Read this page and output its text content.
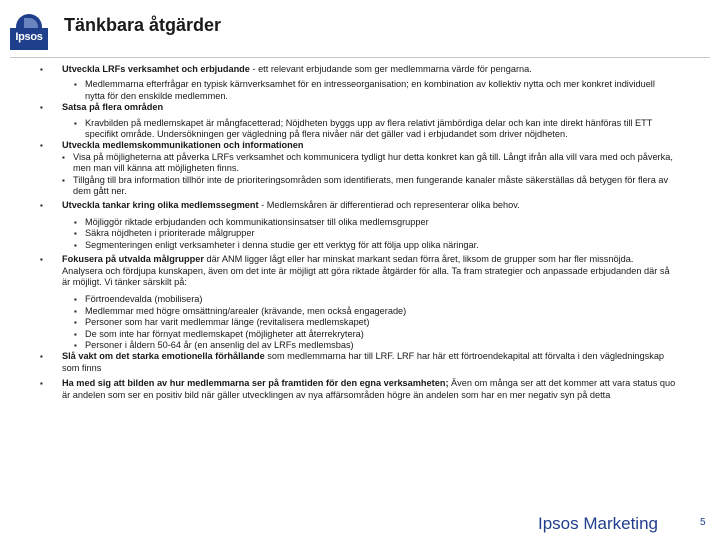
Ipsos
Tänkbara åtgärder
▪ Utveckla LRFs verksamhet och erbjudande - ett relevant erbjudande som ger medlemmarna värde för pengarna.
▪ Medlemmarna efterfrågar en typisk kärnverksamhet för en intresseorganisation; en kombination av kollektiv nytta och mer konkret individuell nytta för den enskilde medlemmen.
▪ Satsa på flera områden
▪ Kravbilden på medlemskapet är mångfacetterad; Nöjdheten byggs upp av flera relativt jämbördiga delar och kan inte direkt hänföras till ETT specifikt område. Undersökningen ger vägledning på flera nivåer när det gäller vad i erbjudandet som driver nöjdheten.
▪ Utveckla medlemskommunikationen och informationen
▪ Visa på möjligheterna att påverka LRFs verksamhet och kommunicera tydligt hur detta konkret kan gå till. Långt ifrån alla vill vara med och påverka, men man vill känna att möjligheten finns.
▪ Tillgång till bra information tillhör inte de prioriteringsområden som identifierats, men fungerande kanaler måste säkerställas då betygen för flera av dem gått ner.
▪ Utveckla tankar kring olika medlemssegment - Medlemskåren är differentierad och representerar olika behov.
▪ Möjliggör riktade erbjudanden och kommunikationsinsatser till olika medlemsgrupper
▪ Säkra nöjdheten i prioriterade målgrupper
▪ Segmenteringen enligt verksamheter i denna studie ger ett verktyg för att följa upp olika näringar.
▪ Fokusera på utvalda målgrupper där ANM ligger lågt eller har minskat markant sedan förra året, liksom de grupper som har fler missnöjda. Analysera och fördjupa kunskapen, även om det inte är möjligt att göra riktade åtgärder för alla. Ta fram strategier och anpassade erbjudanden där så är möjligt. Vi tänker särskilt på:
▪ Förtroendevalda (mobilisera)
▪ Medlemmar med högre omsättning/arealer (krävande, men också engagerade)
▪ Personer som har varit medlemmar länge (revitalisera medlemskapet)
▪ De som inte har förnyat medlemskapet (möjligheter att återrekrytera)
▪ Personer i åldern 50-64 år (en ansenlig del av LRFs medlemsbas)
▪ Slå vakt om det starka emotionella förhållande som medlemmarna har till LRF. LRF har här ett förtroendekapital att förvalta i den vägledningskap som finns
▪ Ha med sig att bilden av hur medlemmarna ser på framtiden för den egna verksamheten; Även om många ser att det kommer att vara status quo är andelen som ser en positiv bild när gäller utvecklingen av nya affärsområden högre än andelen som har en mer negativ syn på detta
Ipsos Marketing	5
